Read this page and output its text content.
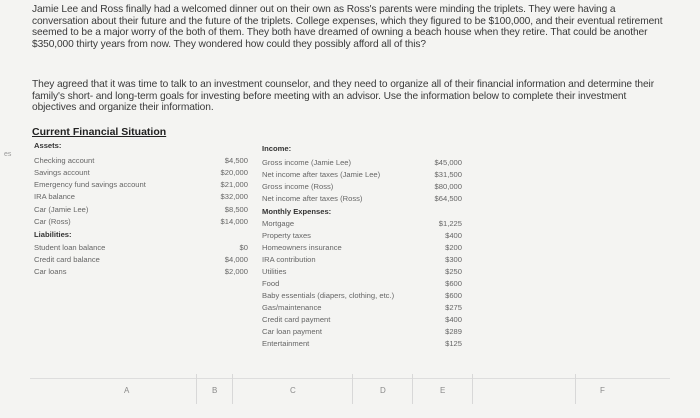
Jamie Lee and Ross finally had a welcomed dinner out on their own as Ross's parents were minding the triplets. They were having a conversation about their future and the future of the triplets. College expenses, which they figured to be $100,000, and their eventual retirement seemed to be a major worry of the both of them. They both have dreamed of owning a beach house when they retire. That could be another $350,000 thirty years from now. They wondered how could they possibly afford all of this?
They agreed that it was time to talk to an investment counselor, and they need to organize all of their financial information and determine their family's short- and long-term goals for investing before meeting with an advisor. Use the information below to complete their investment objectives and organize their information.
Current Financial Situation
es
Assets:
Checking account	$4,500
Savings account	$20,000
Emergency fund savings account	$21,000
IRA balance	$32,000
Car (Jamie Lee)	$8,500
Car (Ross)	$14,000
Liabilities:
Student loan balance	$0
Credit card balance	$4,000
Car loans	$2,000
Income:
Gross income (Jamie Lee)	$45,000
Net income after taxes (Jamie Lee)	$31,500
Gross income (Ross)	$80,000
Net income after taxes (Ross)	$64,500
Monthly Expenses:
Mortgage	$1,225
Property taxes	$400
Homeowners insurance	$200
IRA contribution	$300
Utilities	$250
Food	$600
Baby essentials (diapers, clothing, etc.)	$600
Gas/maintenance	$275
Credit card payment	$400
Car loan payment	$289
Entertainment	$125
A	B	C	D	E	F
